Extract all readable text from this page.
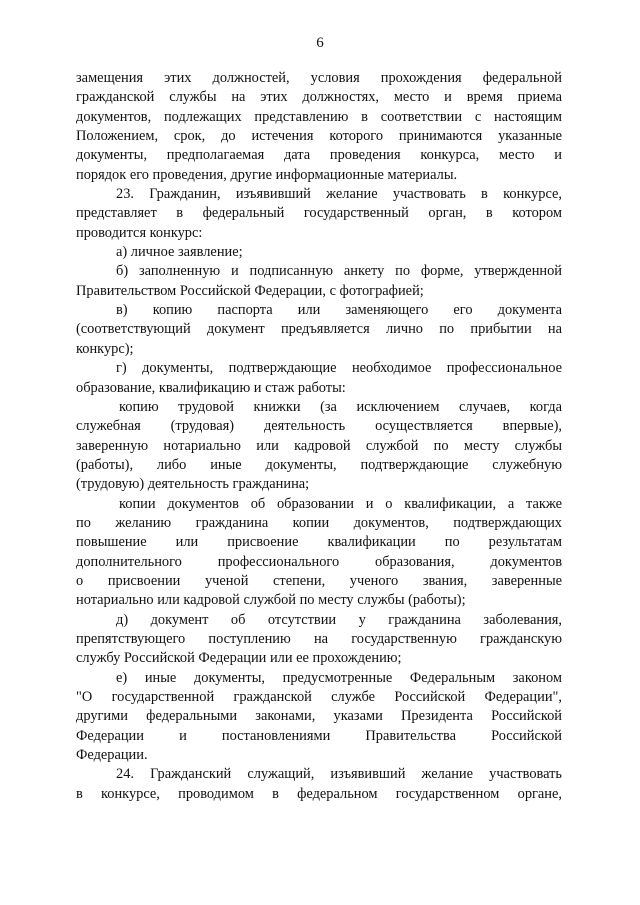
6
замещения этих должностей, условия прохождения федеральной
гражданской службы на этих должностях, место и время приема
документов, подлежащих представлению в соответствии с настоящим
Положением, срок, до истечения которого принимаются указанные
документы, предполагаемая дата проведения конкурса, место и
порядок его проведения, другие информационные материалы.
23. Гражданин, изъявивший желание участвовать в конкурсе,
представляет в федеральный государственный орган, в котором
проводится конкурс:
а) личное заявление;
б) заполненную и подписанную анкету по форме, утвержденной
Правительством Российской Федерации, с фотографией;
в) копию паспорта или заменяющего его документа
(соответствующий документ предъявляется лично по прибытии на
конкурс);
г) документы, подтверждающие необходимое профессиональное
образование, квалификацию и стаж работы:
копию трудовой книжки (за исключением случаев, когда
служебная (трудовая) деятельность осуществляется впервые),
заверенную нотариально или кадровой службой по месту службы
(работы), либо иные документы, подтверждающие служебную
(трудовую) деятельность гражданина;
копии документов об образовании и о квалификации, а также
по желанию гражданина копии документов, подтверждающих
повышение или присвоение квалификации по результатам
дополнительного профессионального образования, документов
о присвоении ученой степени, ученого звания, заверенные
нотариально или кадровой службой по месту службы (работы);
д) документ об отсутствии у гражданина заболевания,
препятствующего поступлению на государственную гражданскую
службу Российской Федерации или ее прохождению;
е) иные документы, предусмотренные Федеральным законом
"О государственной гражданской службе Российской Федерации",
другими федеральными законами, указами Президента Российской
Федерации и постановлениями Правительства Российской
Федерации.
24. Гражданский служащий, изъявивший желание участвовать
в конкурсе, проводимом в федеральном государственном органе,
